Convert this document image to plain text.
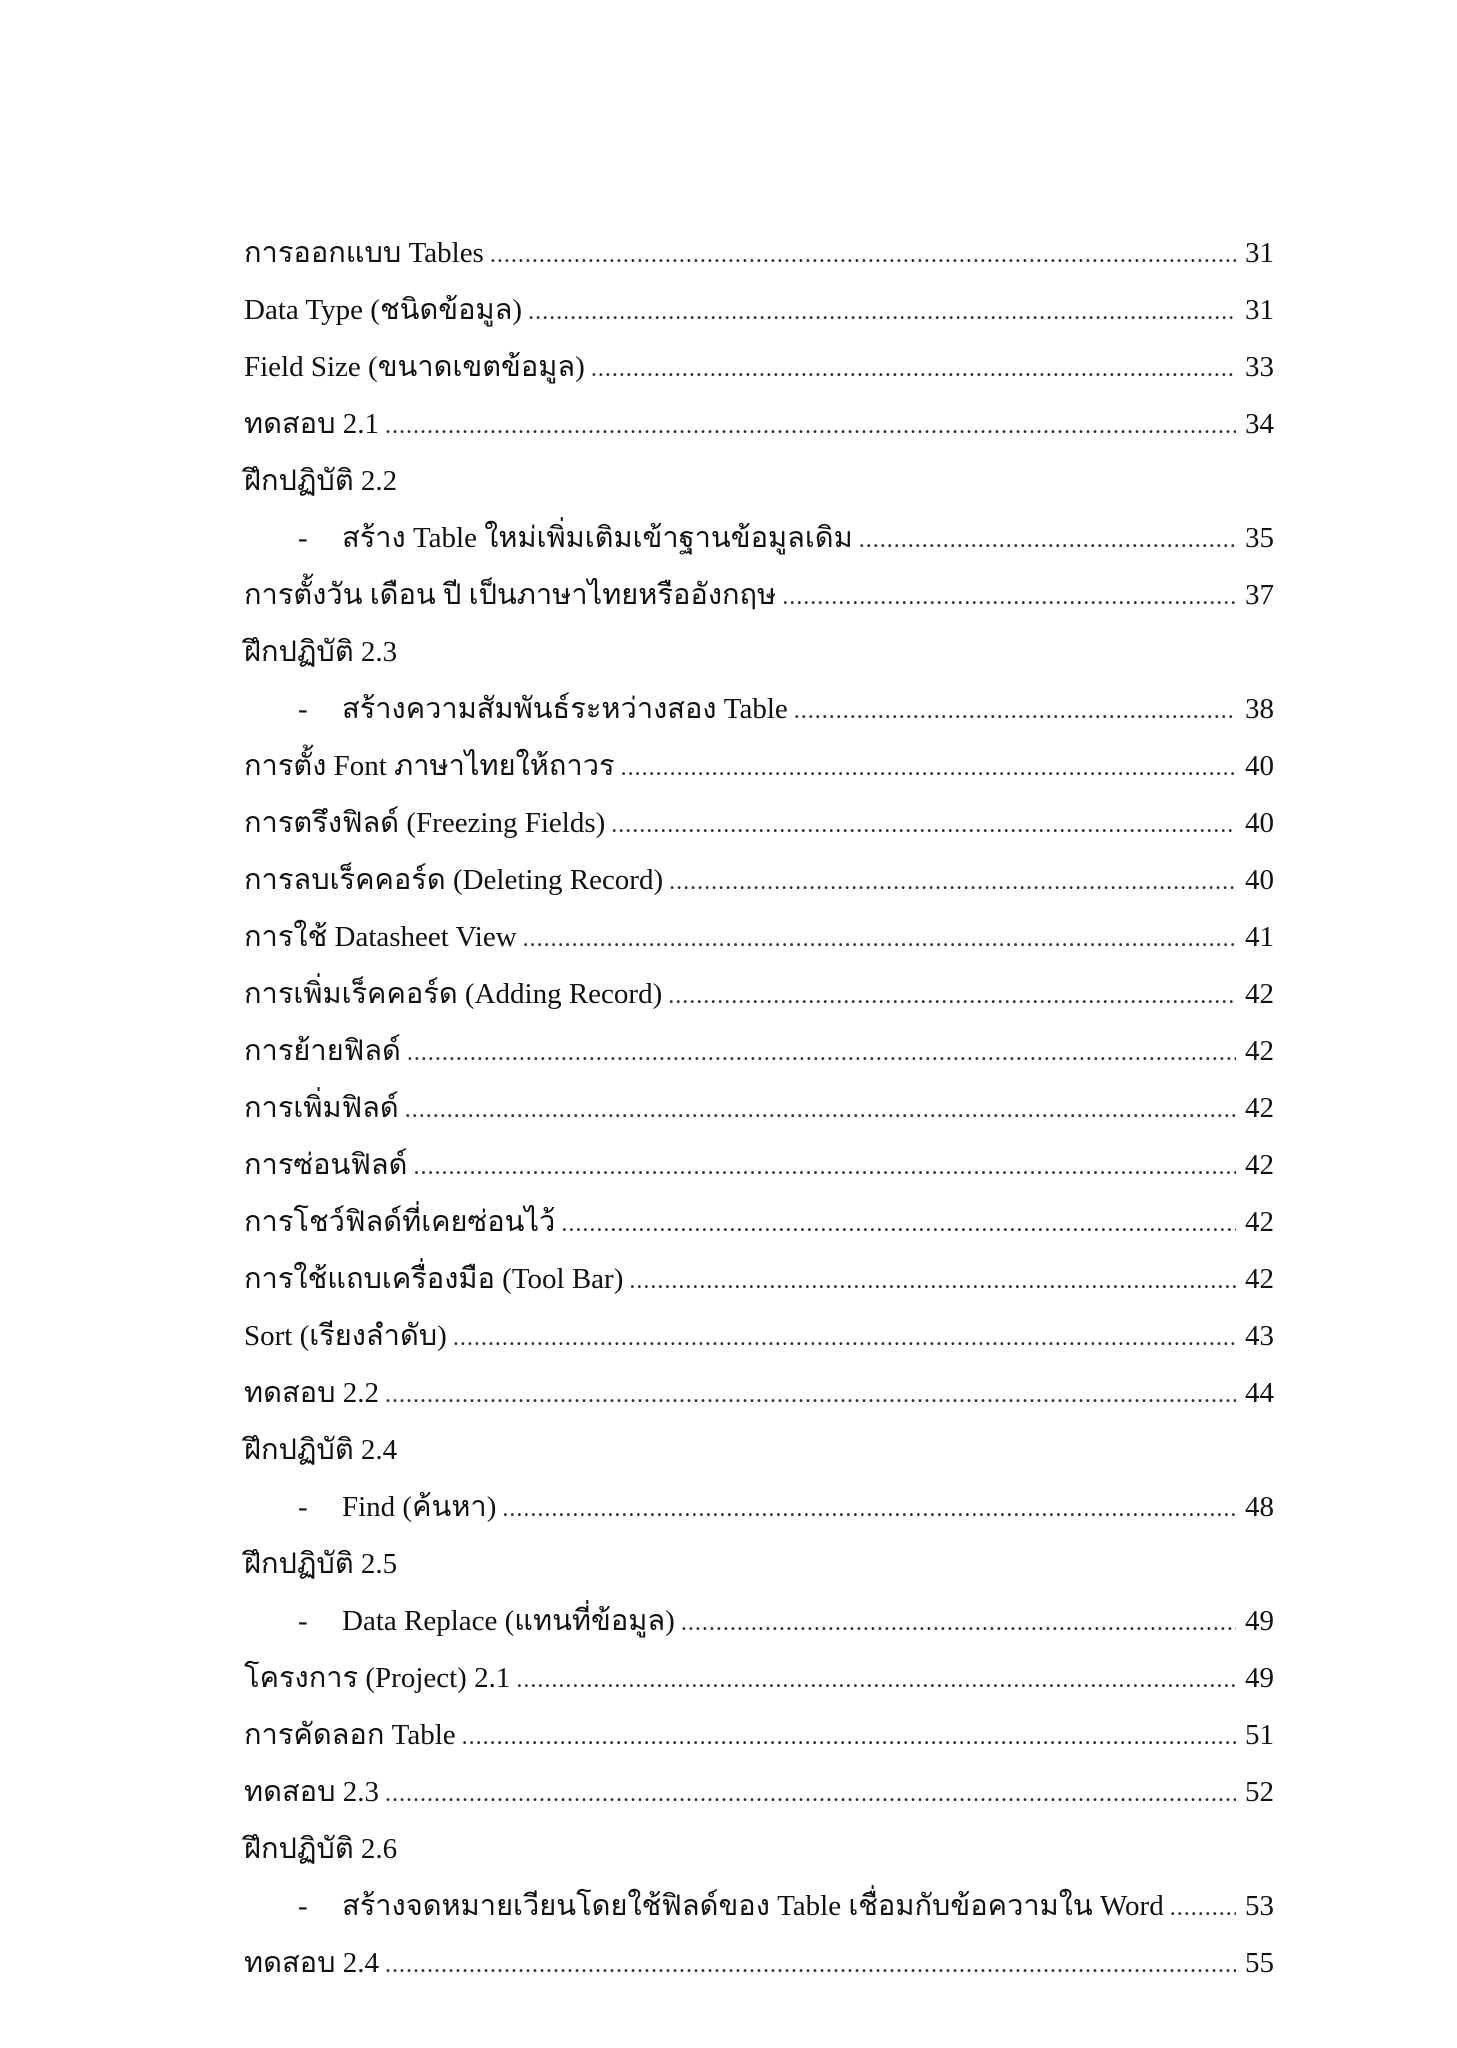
การออกแบบ Tables .....	31
Data Type (ชนิดข้อมูล) .....	31
Field Size (ขนาดเขตข้อมูล) .....	33
ทดสอบ 2.1 .....	34
ฝึกปฏิบัติ 2.2
-	สร้าง Table ใหม่เพิ่มเติมเข้าฐานข้อมูลเดิม .....	35
การตั้งวัน เดือน ปี เป็นภาษาไทยหรืออังกฤษ .....	37
ฝึกปฏิบัติ 2.3
-	สร้างความสัมพันธ์ระหว่างสอง Table .....	38
การตั้ง Font ภาษาไทยให้ถาวร .....	40
การตรึงฟิลด์ (Freezing Fields) .....	40
การลบเร็คคอร์ด (Deleting Record) .....	40
การใช้ Datasheet View .....	41
การเพิ่มเร็คคอร์ด (Adding Record) .....	42
การย้ายฟิลด์ .....	42
การเพิ่มฟิลด์ .....	42
การซ่อนฟิลด์ .....	42
การโชว์ฟิลด์ที่เคยซ่อนไว้ .....	42
การใช้แถบเครื่องมือ (Tool Bar) .....	42
Sort (เรียงลำดับ) .....	43
ทดสอบ 2.2 .....	44
ฝึกปฏิบัติ 2.4
-	Find (ค้นหา) .....	48
ฝึกปฏิบัติ 2.5
-	Data Replace (แทนที่ข้อมูล) .....	49
โครงการ (Project) 2.1 .....	49
การคัดลอก Table .....	51
ทดสอบ 2.3 .....	52
ฝึกปฏิบัติ 2.6
-	สร้างจดหมายเวียนโดยใช้ฟิลด์ของ Table เชื่อมกับข้อความใน Word .....	53
ทดสอบ 2.4 .....	55
